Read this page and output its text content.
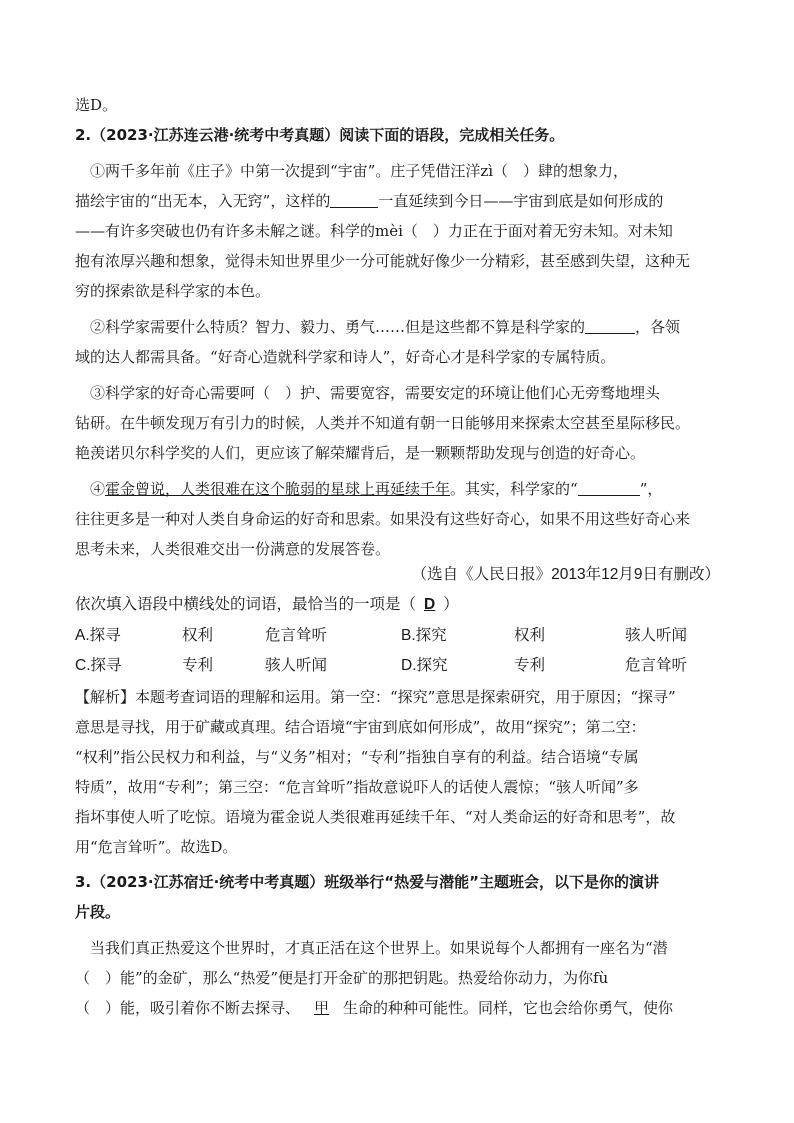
选D。
2.（2023·江苏连云港·统考中考真题）阅读下面的语段，完成相关任务。
①两千多年前《庄子》中第一次提到“宇宙”。庄子凭借汪洋zì（　）肆的想象力，
描绘宇宙的“出无本，入无窍”，这样的	一直延续到今日——宇宙到底是如何形成的
——有许多突破也仍有许多未解之谜。科学的mèi（　）力正在于面对着无穷未知。对未知
抱有浓厚兴趣和想象，觉得未知世界里少一分可能就好像少一分精彩，甚至感到失望，这种无
穷的探索欲是科学家的本色。
②科学家需要什么特质？智力、毅力、勇气……但是这些都不算是科学家的	，各领
域的达人都需具备。“好奇心造就科学家和诗人”，好奇心才是科学家的专属特质。
③科学家的好奇心需要呵（　）护、需要宽容，需要安定的环境让他们心无旁骛地埋头
钻研。在牛顿发现万有引力的时候，人类并不知道有朝一日能够用来探索太空甚至星际移民。
艳羡诺贝尔科学奖的人们，更应该了解荣耀背后，是一颗颗帮助发现与创造的好奇心。
④霍金曾说，人类很难在这个脆弱的星球上再延续千年。其实，科学家的“	”，
往往更多是一种对人类自身命运的好奇和思索。如果没有这些好奇心，如果不用这些好奇心来
思考未来，人类很难交出一份满意的发展答卷。
（选自《人民日报》2013年12月9日有删改）
依次填入语段中横线处的词语，最恰当的一项是（ D ）
A.探寻	权利	危言耸听	B.探究	权利	骇人听闻
C.探寻	专利	骇人听闻	D.探究	专利	危言耸听
【解析】本题考查词语的理解和运用。第一空：“探究”意思是探索研究，用于原因；“探寻”
意思是寻找，用于矿藏或真理。结合语境“宇宙到底如何形成”，故用“探究”；第二空：
“权利”指公民权力和利益，与“义务”相对；“专利”指独自享有的利益。结合语境“专属
特质”，故用“专利”；第三空：“危言耸听”指故意说吓人的话使人震惊；“骇人听闻”多
指坏事使人听了吃惊。语境为霍金说人类很难再延续千年、“对人类命运的好奇和思考”，故
用“危言耸听”。故选D。
3.（2023·江苏宿迁·统考中考真题）班级举行“热爱与潜能”主题班会，以下是你的演讲
片段。
当我们真正热爱这个世界时，才真正活在这个世界上。如果说每个人都拥有一座名为“潜
（　）能”的金矿，那么“热爱”便是打开金矿的那把钥匙。热爱给你动力，为你fù
（　）能，吸引着你不断去探寻、 甲 生命的种种可能性。同样，它也会给你勇气，使你
